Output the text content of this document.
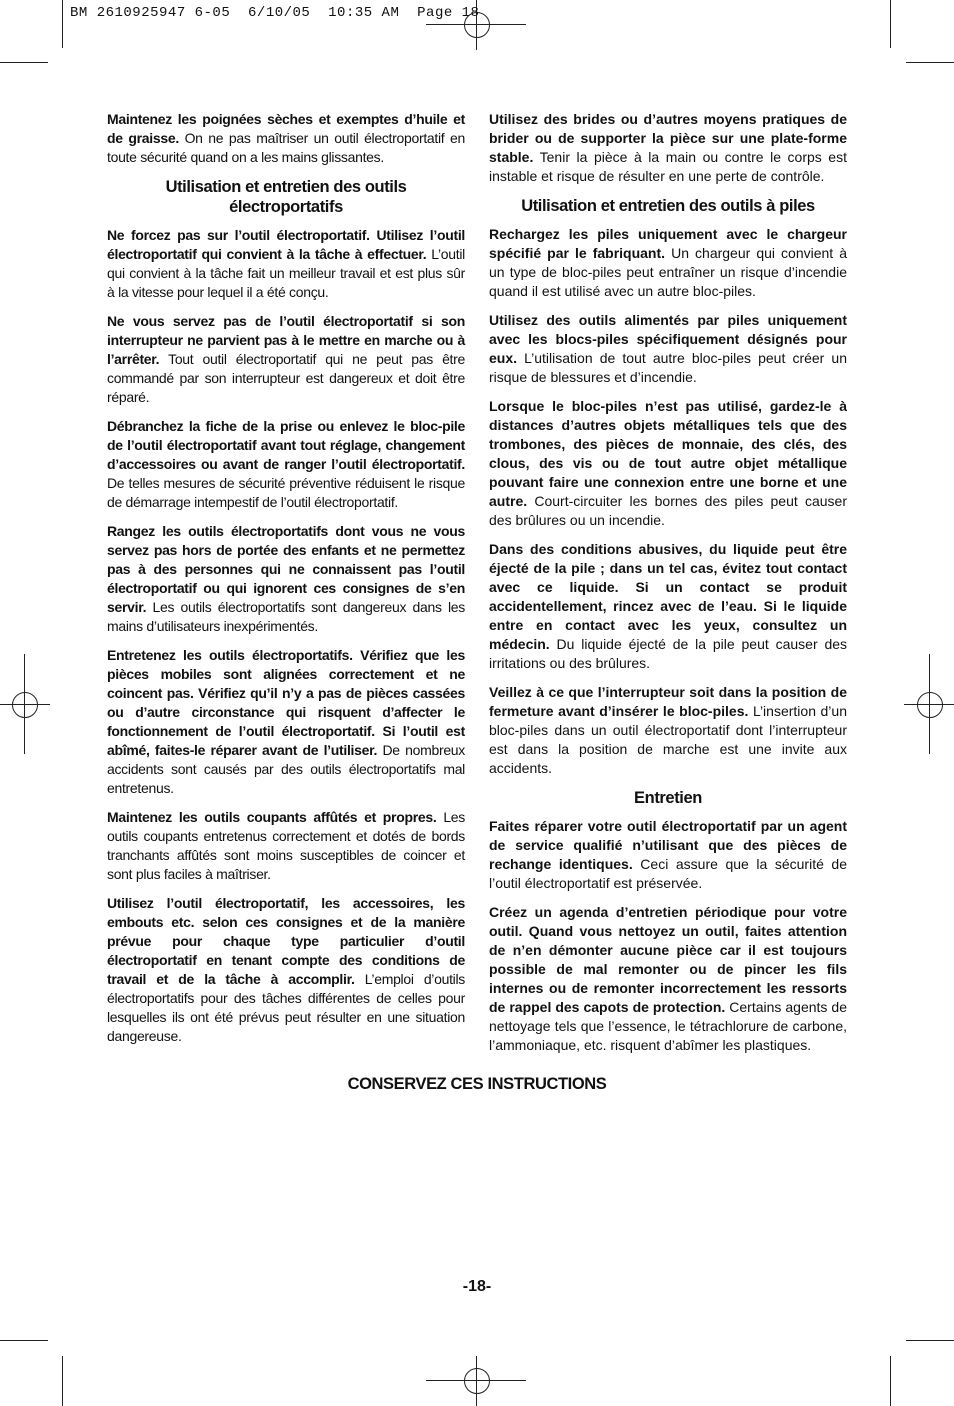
BM 2610925947 6-05  6/10/05  10:35 AM  Page 18

Maintenez les poignées sèches et exemptes d’huile et de graisse. On ne pas maîtriser un outil électroportatif en toute sécurité quand on a les mains glissantes.

Utilisation et entretien des outils électroportatifs

Ne forcez pas sur l’outil électroportatif. Utilisez l’outil électroportatif qui convient à la tâche à effectuer. L’outil qui convient à la tâche fait un meilleur travail et est plus sûr à la vitesse pour lequel il a été conçu.

Ne vous servez pas de l’outil électroportatif si son interrupteur ne parvient pas à le mettre en marche ou à l’arrêter. Tout outil électroportatif qui ne peut pas être commandé par son interrupteur est dangereux et doit être réparé.

Débranchez la fiche de la prise ou enlevez le bloc-pile de l’outil électroportatif avant tout réglage, changement d’accessoires ou avant de ranger l’outil électroportatif. De telles mesures de sécurité préventive réduisent le risque de démarrage intempestif de l’outil électroportatif.

Rangez les outils électroportatifs dont vous ne vous servez pas hors de portée des enfants et ne permettez pas à des personnes qui ne connaissent pas l’outil électroportatif ou qui ignorent ces consignes de s’en servir. Les outils électroportatifs sont dangereux dans les mains d’utilisateurs inexpérimentés.

Entretenez les outils électroportatifs. Vérifiez que les pièces mobiles sont alignées correctement et ne coincent pas. Vérifiez qu’il n’y a pas de pièces cassées ou d’autre circonstance qui risquent d’affecter le fonctionnement de l’outil électroportatif. Si l’outil est abîmé, faites-le réparer avant de l’utiliser. De nombreux accidents sont causés par des outils électroportatifs mal entretenus.

Maintenez les outils coupants affûtés et propres. Les outils coupants entretenus correctement et dotés de bords tranchants affûtés sont moins susceptibles de coincer et sont plus faciles à maîtriser.

Utilisez l’outil électroportatif, les accessoires, les embouts etc. selon ces consignes et de la manière prévue pour chaque type particulier d’outil électroportatif en tenant compte des conditions de travail et de la tâche à accomplir. L’emploi d’outils électroportatifs pour des tâches différentes de celles pour lesquelles ils ont été prévus peut résulter en une situation dangereuse.

Utilisez des brides ou d’autres moyens pratiques de brider ou de supporter la pièce sur une plate-forme stable. Tenir la pièce à la main ou contre le corps est instable et risque de résulter en une perte de contrôle.

Utilisation et entretien des outils à piles

Rechargez les piles uniquement avec le chargeur spécifié par le fabriquant. Un chargeur qui convient à un type de bloc-piles peut entraîner un risque d’incendie quand il est utilisé avec un autre bloc-piles.

Utilisez des outils alimentés par piles uniquement avec les blocs-piles spécifiquement désignés pour eux. L’utilisation de tout autre bloc-piles peut créer un risque de blessures et d’incendie.

Lorsque le bloc-piles n’est pas utilisé, gardez-le à distances d’autres objets métalliques tels que des trombones, des pièces de monnaie, des clés, des clous, des vis ou de tout autre objet métallique pouvant faire une connexion entre une borne et une autre. Court-circuiter les bornes des piles peut causer des brûlures ou un incendie.

Dans des conditions abusives, du liquide peut être éjecté de la pile ; dans un tel cas, évitez tout contact avec ce liquide. Si un contact se produit accidentellement, rincez avec de l’eau. Si le liquide entre en contact avec les yeux, consultez un médecin. Du liquide éjecté de la pile peut causer des irritations ou des brûlures.

Veillez à ce que l’interrupteur soit dans la position de fermeture avant d’insérer le bloc-piles. L’insertion d’un bloc-piles dans un outil électroportatif dont l’interrupteur est dans la position de marche est une invite aux accidents.

Entretien

Faites réparer votre outil électroportatif par un agent de service qualifié n’utilisant que des pièces de rechange identiques. Ceci assure que la sécurité de l’outil électroportatif est préservée.

Créez un agenda d’entretien périodique pour votre outil. Quand vous nettoyez un outil, faites attention de n’en démonter aucune pièce car il est toujours possible de mal remonter ou de pincer les fils internes ou de remonter incorrectement les ressorts de rappel des capots de protection. Certains agents de nettoyage tels que l’essence, le tétrachlorure de carbone, l’ammoniaque, etc. risquent d’abîmer les plastiques.

CONSERVEZ CES INSTRUCTIONS
-18-
